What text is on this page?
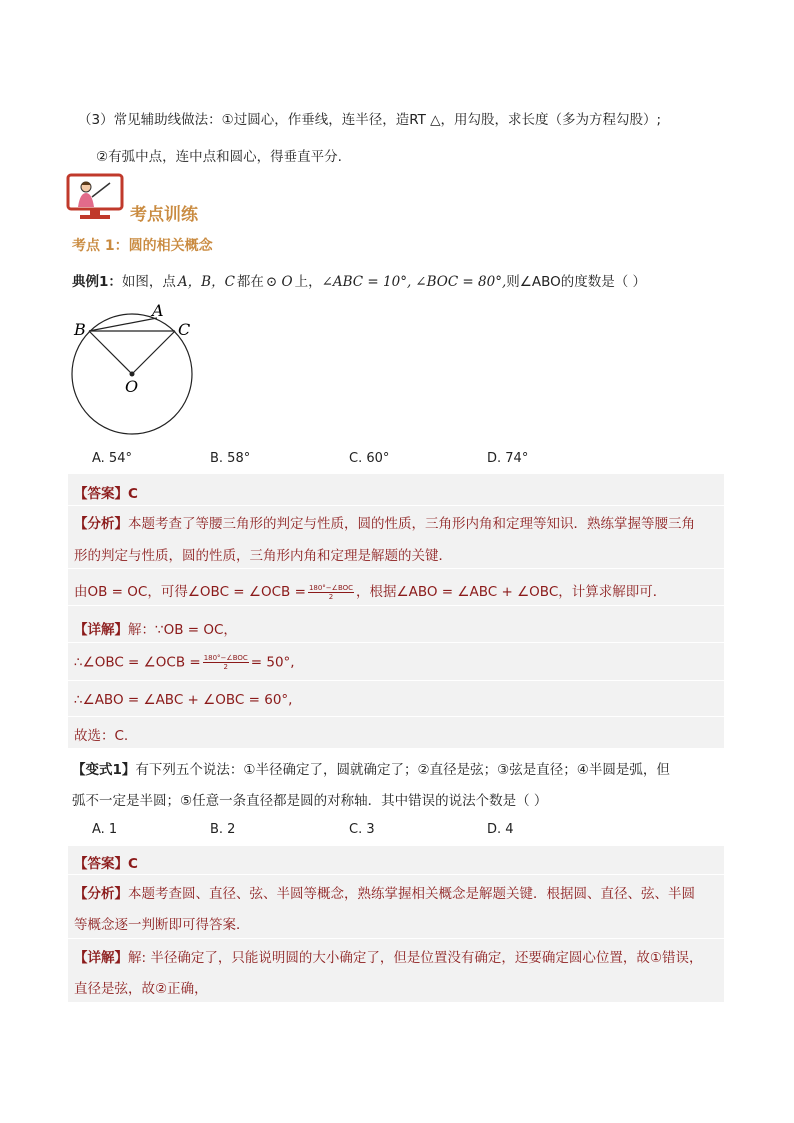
（3）常见辅助线做法：①过圆心，作垂线，连半径，造RT △，用勾股，求长度（多为方程勾股）;
②有弧中点，连中点和圆心，得垂直平分.
考点训练
考点 1：圆的相关概念
典例1：如图，点 A，B，C 都在 ⊙ O 上，∠ABC = 10°, ∠BOC = 80°,则∠ABO的度数是（ ）
B
A
C
O
A. 54°	B. 58°	C. 60°	D. 74°
【答案】C
【分析】本题考查了等腰三角形的判定与性质，圆的性质，三角形内角和定理等知识．熟练掌握等腰三角
形的判定与性质，圆的性质，三角形内角和定理是解题的关键．
由OB = OC，可得∠OBC = ∠OCB = $\frac{\text{180°−∠BOC}}{2}$ ，根据∠ABO = ∠ABC + ∠OBC，计算求解即可．
【详解】解：∵OB = OC，
∴∠OBC = ∠OCB = $\frac{\text{180°−∠BOC}}{2} = 50^\circ$,
∴∠ABO = ∠ABC + ∠OBC = 60°,
故选：C.
【变式1】有下列五个说法：①半径确定了，圆就确定了；②直径是弦；③弦是直径；④半圆是弧，但
弧不一定是半圆；⑤任意一条直径都是圆的对称轴．其中错误的说法个数是（ ）
A. 1	B. 2	C. 3	D. 4
【答案】C
【分析】本题考查圆、直径、弦、半圆等概念，熟练掌握相关概念是解题关键．根据圆、直径、弦、半圆
等概念逐一判断即可得答案．
【详解】解: 半径确定了，只能说明圆的大小确定了，但是位置没有确定，还要确定圆心位置，故①错误，
直径是弦，故②正确，
